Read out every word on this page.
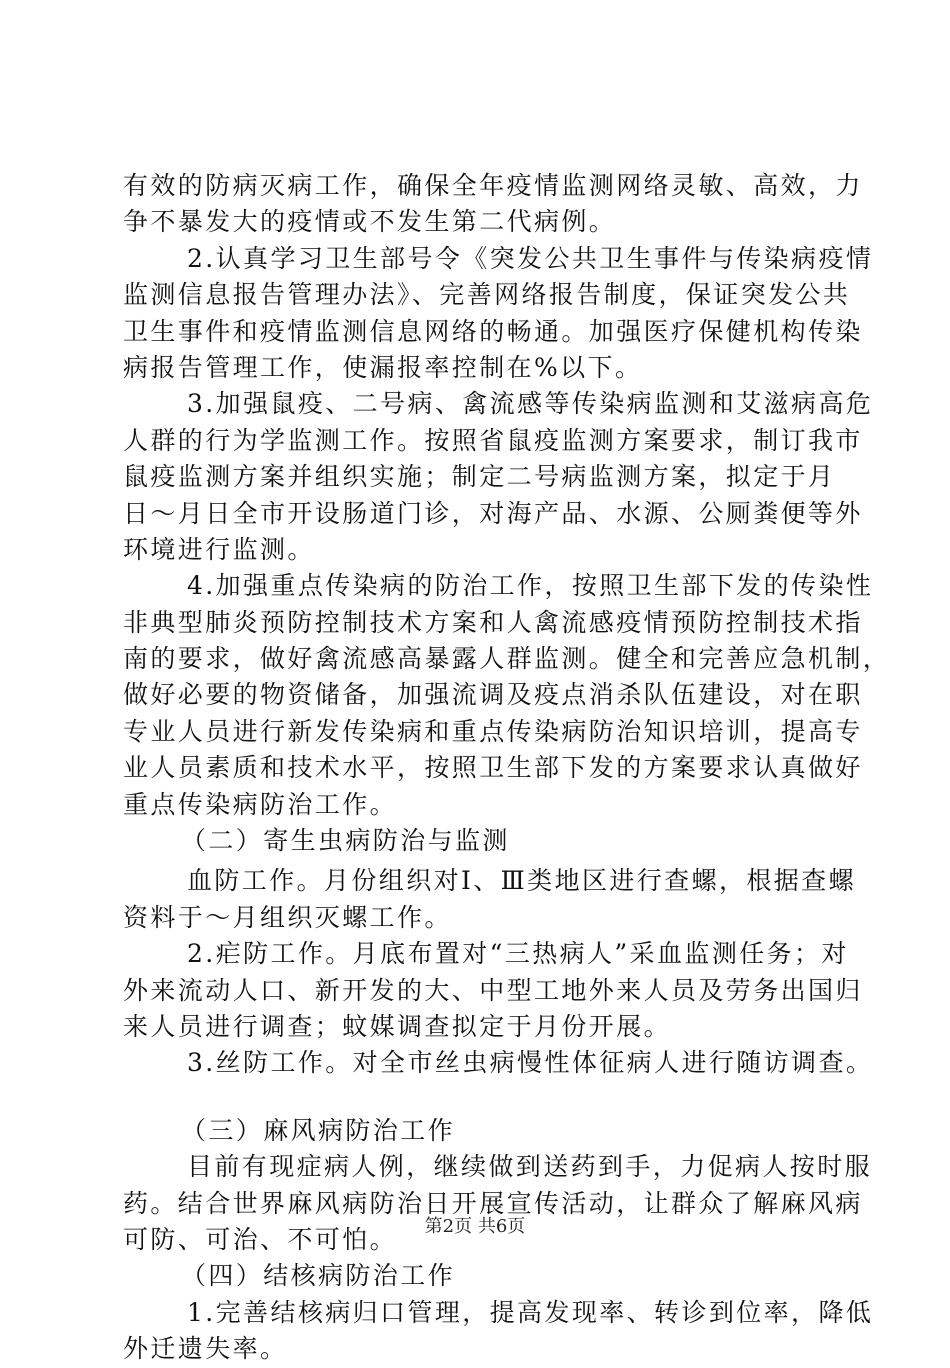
有效的防病灭病工作，确保全年疫情监测网络灵敏、高效，力
争不暴发大的疫情或不发生第二代病例。
2.认真学习卫生部号令《突发公共卫生事件与传染病疫情
监测信息报告管理办法》、完善网络报告制度，保证突发公共
卫生事件和疫情监测信息网络的畅通。加强医疗保健机构传染
病报告管理工作，使漏报率控制在%以下。
3.加强鼠疫、二号病、禽流感等传染病监测和艾滋病高危
人群的行为学监测工作。按照省鼠疫监测方案要求，制订我市
鼠疫监测方案并组织实施；制定二号病监测方案，拟定于月
日～月日全市开设肠道门诊，对海产品、水源、公厕粪便等外
环境进行监测。
4.加强重点传染病的防治工作，按照卫生部下发的传染性
非典型肺炎预防控制技术方案和人禽流感疫情预防控制技术指
南的要求，做好禽流感高暴露人群监测。健全和完善应急机制，
做好必要的物资储备，加强流调及疫点消杀队伍建设，对在职
专业人员进行新发传染病和重点传染病防治知识培训，提高专
业人员素质和技术水平，按照卫生部下发的方案要求认真做好
重点传染病防治工作。
（二）寄生虫病防治与监测
血防工作。月份组织对Ⅰ、Ⅲ类地区进行查螺，根据查螺
资料于～月组织灭螺工作。
2.疟防工作。月底布置对“三热病人”采血监测任务；对
外来流动人口、新开发的大、中型工地外来人员及劳务出国归
来人员进行调查；蚊媒调查拟定于月份开展。
3.丝防工作。对全市丝虫病慢性体征病人进行随访调查。
（三）麻风病防治工作
目前有现症病人例，继续做到送药到手，力促病人按时服
药。结合世界麻风病防治日开展宣传活动，让群众了解麻风病
可防、可治、不可怕。
（四）结核病防治工作
1.完善结核病归口管理，提高发现率、转诊到位率，降低
外迁遗失率。
第2页 共6页
